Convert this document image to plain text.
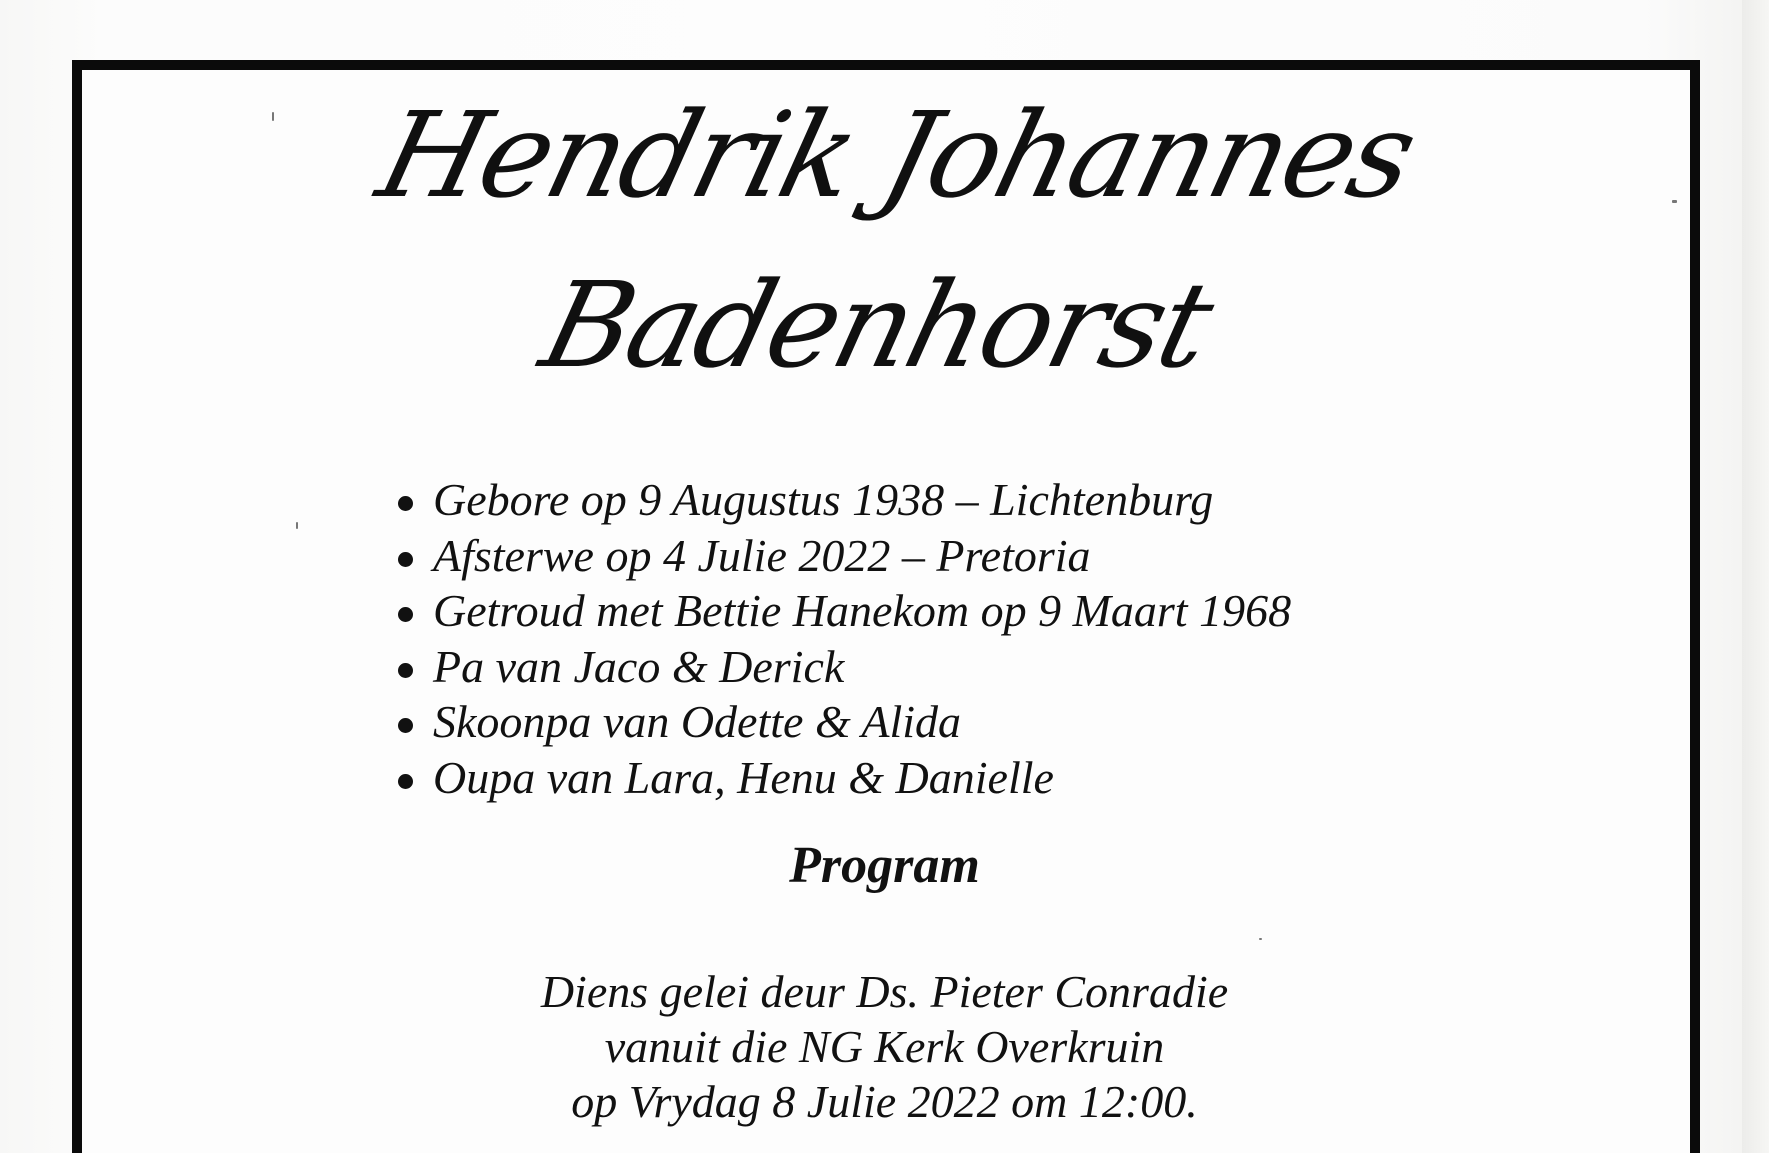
Hendrik Johannes
Badenhorst
Gebore op 9 Augustus 1938 – Lichtenburg
Afsterwe op 4 Julie 2022 – Pretoria
Getroud met Bettie Hanekom op 9 Maart 1968
Pa van Jaco & Derick
Skoonpa van Odette & Alida
Oupa van Lara, Henu & Danielle
Program
Diens gelei deur Ds. Pieter Conradie
vanuit die NG Kerk Overkruin
op Vrydag 8 Julie 2022 om 12:00.
